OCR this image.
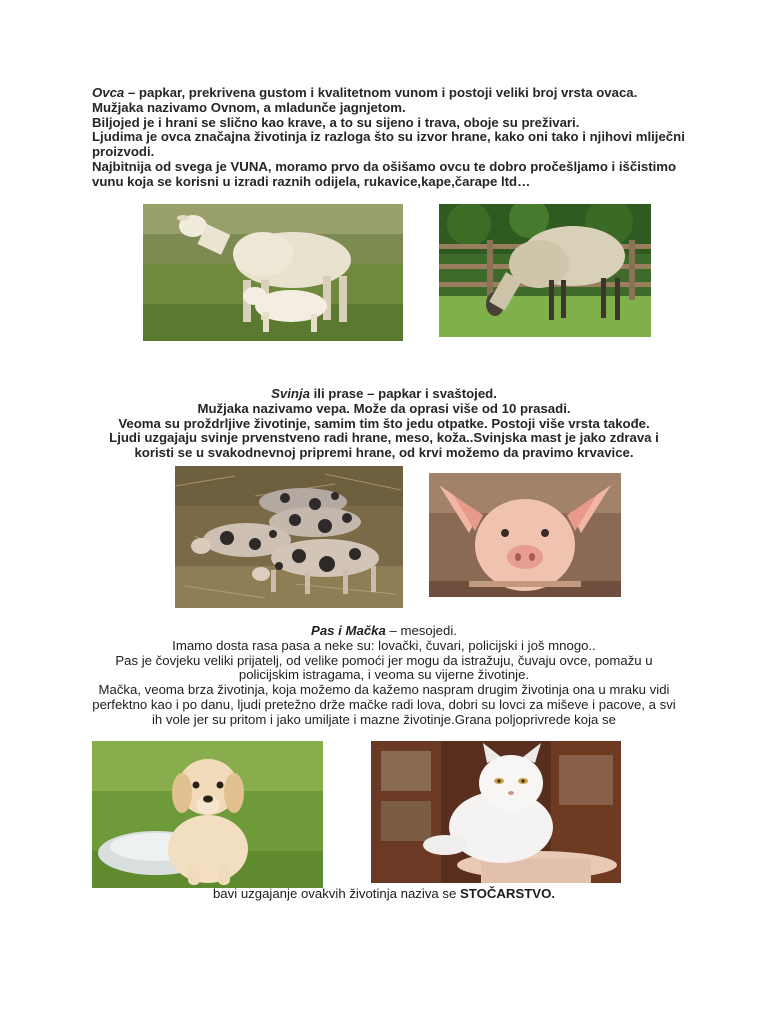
Ovca – papkar, prekrivena gustom i kvalitetnom vunom i postoji veliki broj vrsta ovaca.

Mužjaka nazivamo Ovnom, a mladunče jagnjetom.

Biljojed je i hrani se slično kao krave, a to su sijeno i trava, oboje su preživari.

Ljudima je ovca značajna životinja iz razloga što su izvor hrane, kako oni tako i njihovi mliječni proizvodi.

Najbitnija od svega je VUNA, moramo prvo da ošišamo ovcu te dobro pročešljamo i iščistimo vunu koja se korisni u izradi raznih odijela, rukavice,kape,čarape ltd…

Svinja ili prase – papkar i svaštojed.

Mužjaka nazivamo vepa. Može da oprasi više od 10 prasadi.

Veoma su proždrljive životinje, samim tim što jedu otpatke. Postoji više vrsta takođe.

Ljudi uzgajaju svinje prvenstveno radi hrane, meso, koža..Svinjska mast je jako zdrava i koristi se u svakodnevnoj pripremi hrane, od krvi možemo da pravimo krvavice.

Pas i Mačka – mesojedi.

Imamo dosta rasa pasa a neke su: lovački, čuvari, policijski i još mnogo..

Pas je čovjeku veliki prijatelj, od velike pomoći jer mogu da istražuju, čuvaju ovce, pomažu u policijskim istragama, i veoma su vijerne životinje.

Mačka, veoma brza životinja, koja možemo da kažemo naspram drugim životinja ona u mraku vidi perfektno kao i po danu, ljudi pretežno drže mačke radi lova, dobri su lovci za miševe i pacove, a svi ih vole jer su pritom i jako umiljate i mazne životinje.Grana poljoprivrede koja se

bavi uzgajanje ovakvih životinja naziva se STOČARSTVO.
